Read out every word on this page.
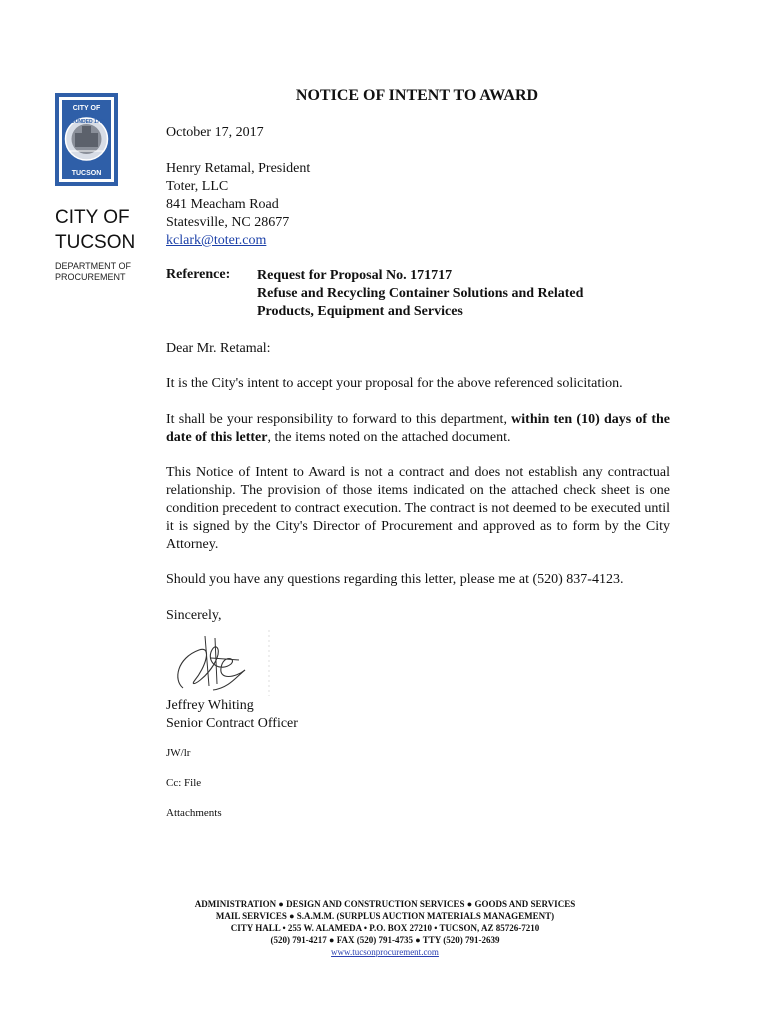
CITY OF
FOUNDED 1775
TUCSON
CITY OF
TUCSON
DEPARTMENT OF
PROCUREMENT
NOTICE OF INTENT TO AWARD
October 17, 2017
Henry Retamal, President
Toter, LLC
841 Meacham Road
Statesville, NC 28677
kclark@toter.com
Reference: Request for Proposal No. 171717
Refuse and Recycling Container Solutions and Related
Products, Equipment and Services
Dear Mr. Retamal:
It is the City's intent to accept your proposal for the above referenced solicitation.
It shall be your responsibility to forward to this department, within ten (10) days of the date of this letter, the items noted on the attached document.
This Notice of Intent to Award is not a contract and does not establish any contractual relationship. The provision of those items indicated on the attached check sheet is one condition precedent to contract execution. The contract is not deemed to be executed until it is signed by the City's Director of Procurement and approved as to form by the City Attorney.
Should you have any questions regarding this letter, please me at (520) 837-4123.
Sincerely,
Jeffrey Whiting
Senior Contract Officer
JW/lr
Cc: File
Attachments
ADMINISTRATION ● DESIGN AND CONSTRUCTION SERVICES ● GOODS AND SERVICES
MAIL SERVICES ● S.A.M.M. (SURPLUS AUCTION MATERIALS MANAGEMENT)
CITY HALL • 255 W. ALAMEDA • P.O. BOX 27210 • TUCSON, AZ 85726-7210
(520) 791-4217 ● FAX (520) 791-4735 ● TTY (520) 791-2639
www.tucsonprocurement.com
